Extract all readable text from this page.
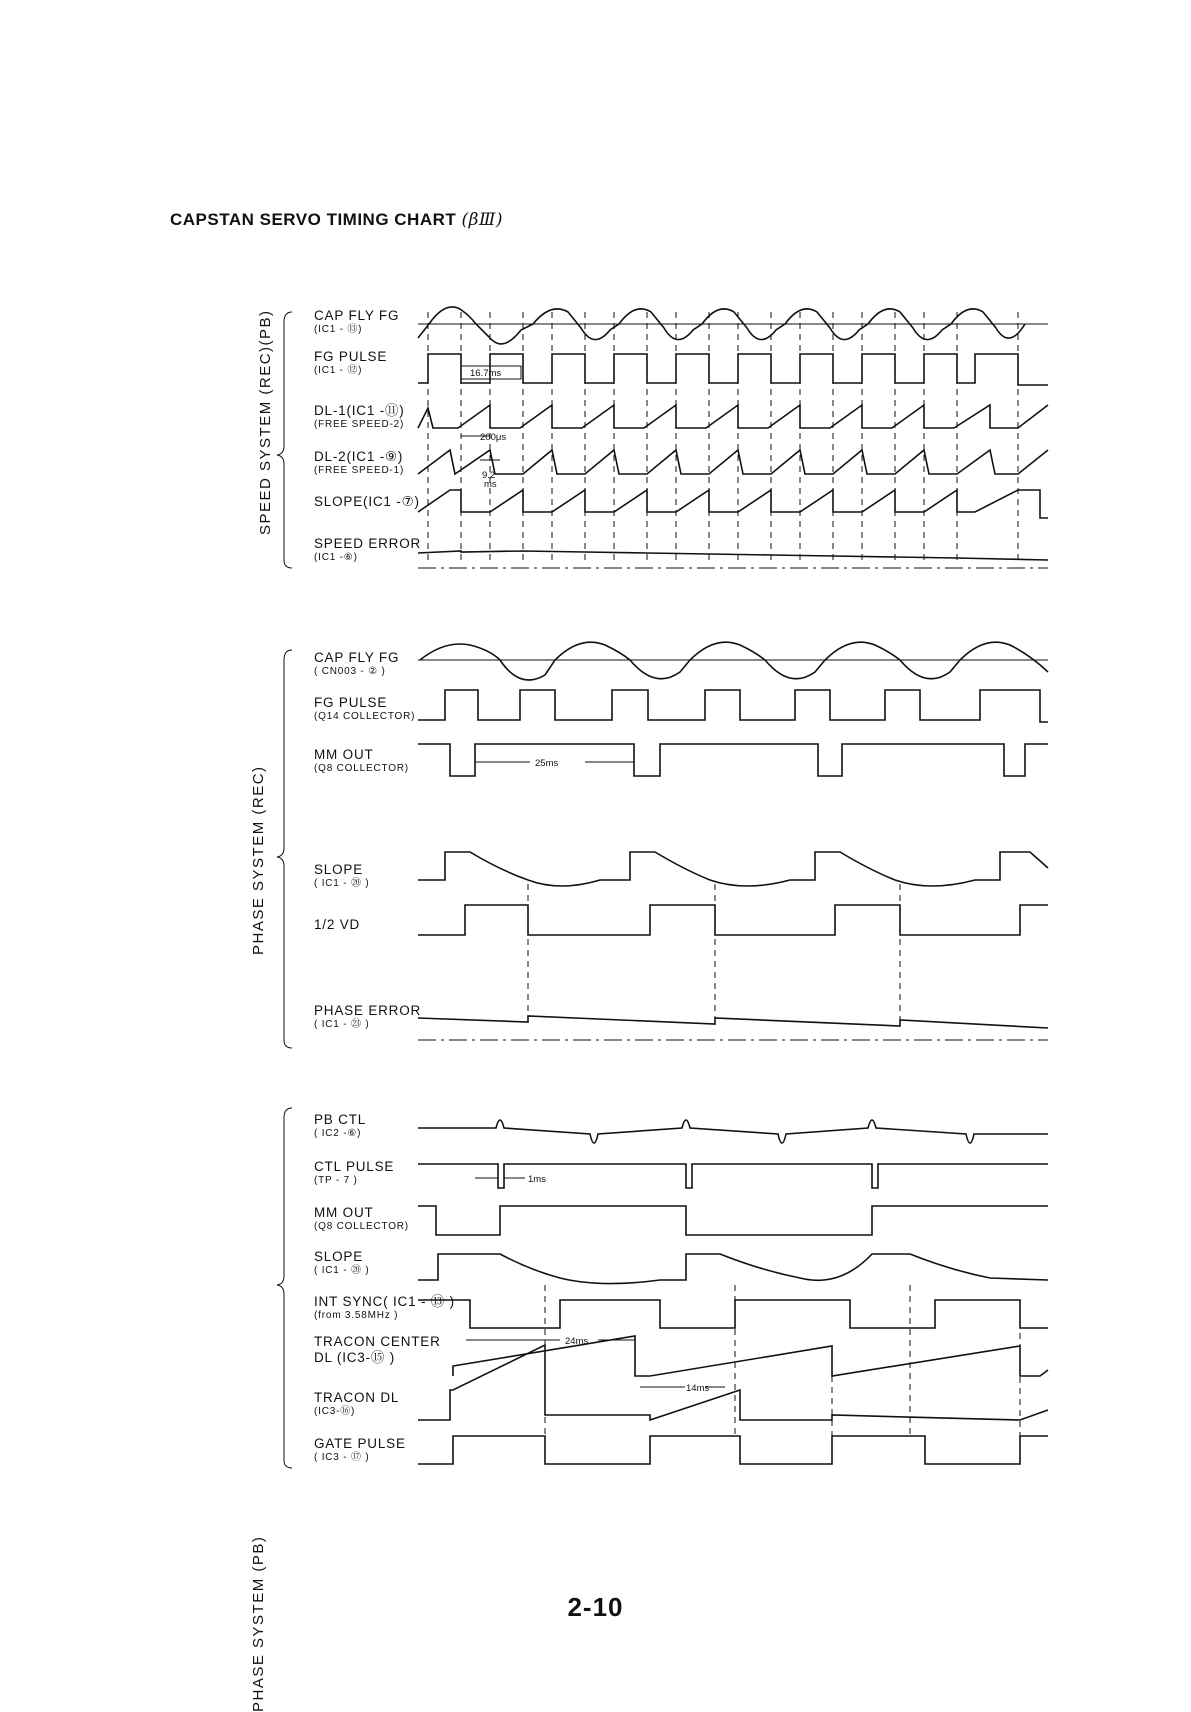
CAPSTAN SERVO TIMING CHART (βⅢ)
SPEED SYSTEM (REC)(PB)
PHASE SYSTEM (REC)
PHASE SYSTEM (PB)
CAP FLY FG
(IC1 - ⑬)
FG PULSE
(IC1 - ⑫)
DL-1(IC1 -⑪)
(FREE SPEED-2)
DL-2(IC1 -⑨)
(FREE SPEED-1)
SLOPE(IC1 -⑦)
SPEED ERROR
(IC1 -⑥)
CAP FLY FG
( CN003 - ② )
FG PULSE
(Q14 COLLECTOR)
MM OUT
(Q8 COLLECTOR)
SLOPE
( IC1 - ⑳ )
1/2 VD
PHASE ERROR
( IC1 - ㉓ )
PB CTL
( IC2 -⑥)
CTL PULSE
(TP - 7 )
MM OUT
(Q8 COLLECTOR)
SLOPE
( IC1 - ⑳ )
INT SYNC( IC1 - ⑬ )
(from 3.58MHz )
TRACON CENTER
DL (IC3-⑮ )
TRACON DL
(IC3-⑯)
GATE PULSE
( IC3 - ⑰ )
16.7ms
200μs
9.2
ms
25ms
1ms
24ms
14ms
2-10
